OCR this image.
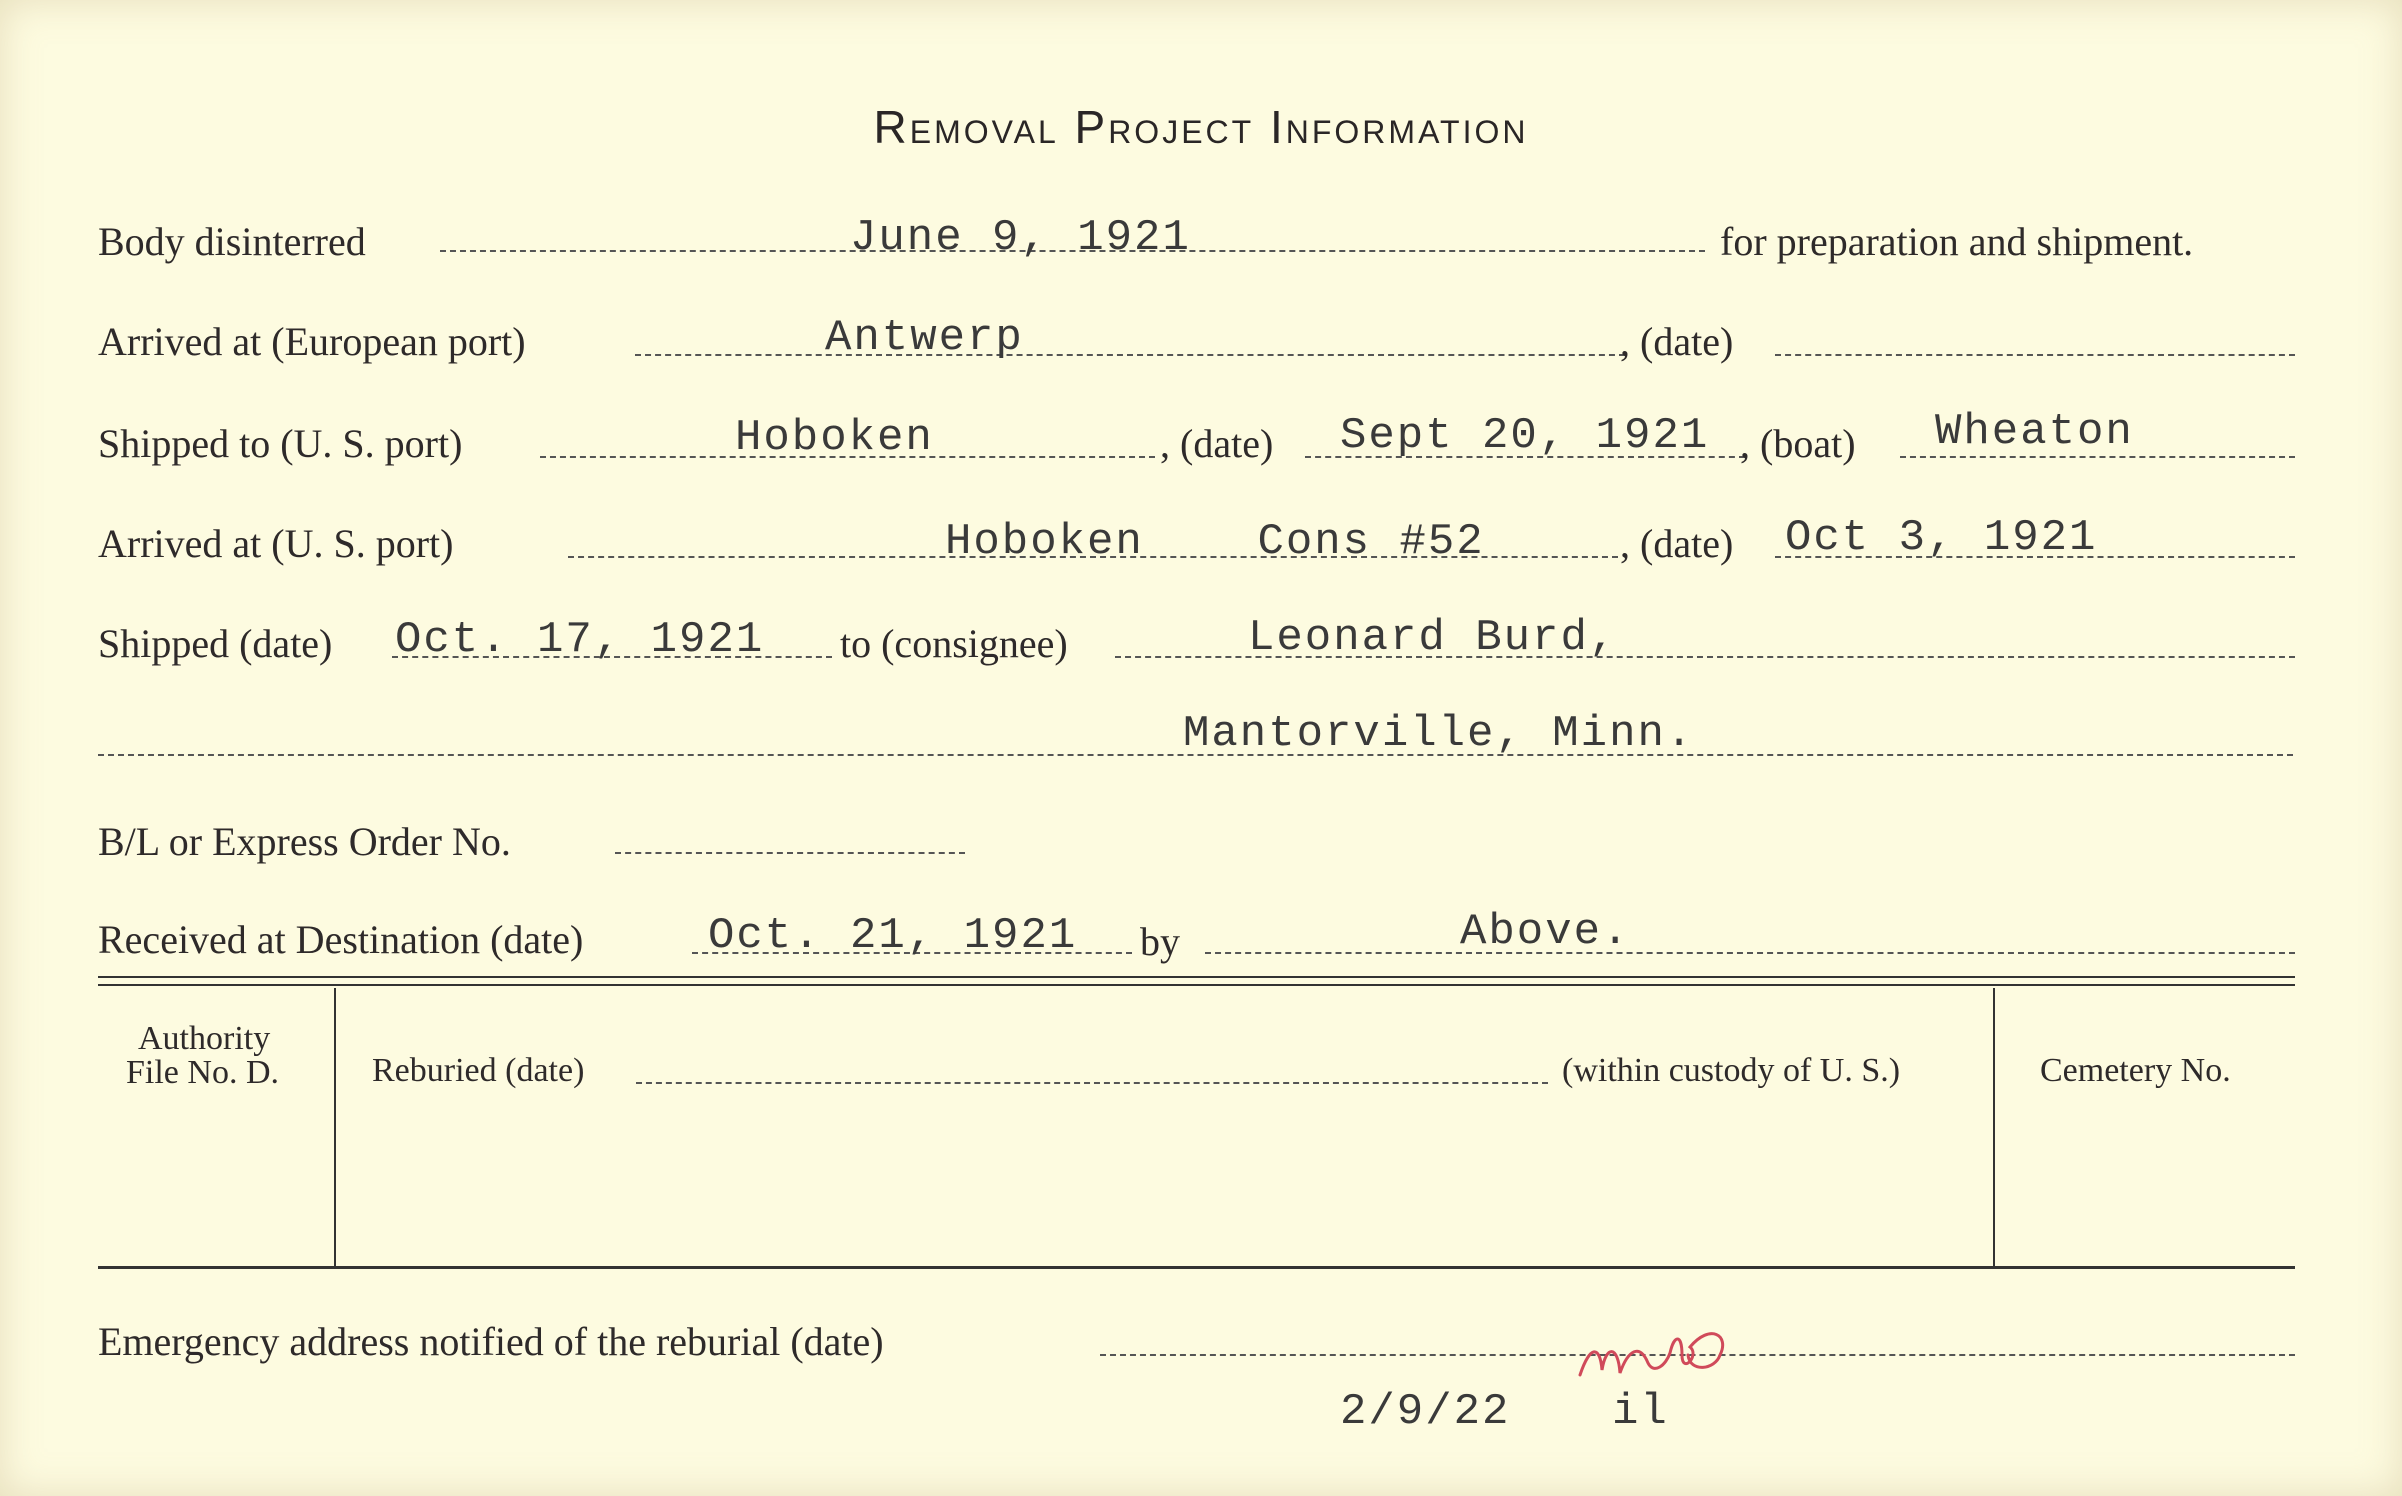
Removal Project Information
Body disinterred	June 9, 1921	for preparation and shipment.
Arrived at (European port)	Antwerp	, (date)
Shipped to (U. S. port)	Hoboken	, (date) Sept 20, 1921 , (boat) Wheaton
Arrived at (U. S. port)	Hoboken    Cons #52	, (date) Oct 3, 1921
Shipped (date) Oct. 17, 1921 to (consignee)	Leonard Burd,
Mantorville, Minn.
B/L or Express Order No.
Received at Destination (date)	Oct. 21, 1921 by	Above.
Authority
File No. D.	Reburied (date)	(within custody of U. S.)	Cemetery No.
Emergency address notified of the reburial (date)
2/9/22 il
